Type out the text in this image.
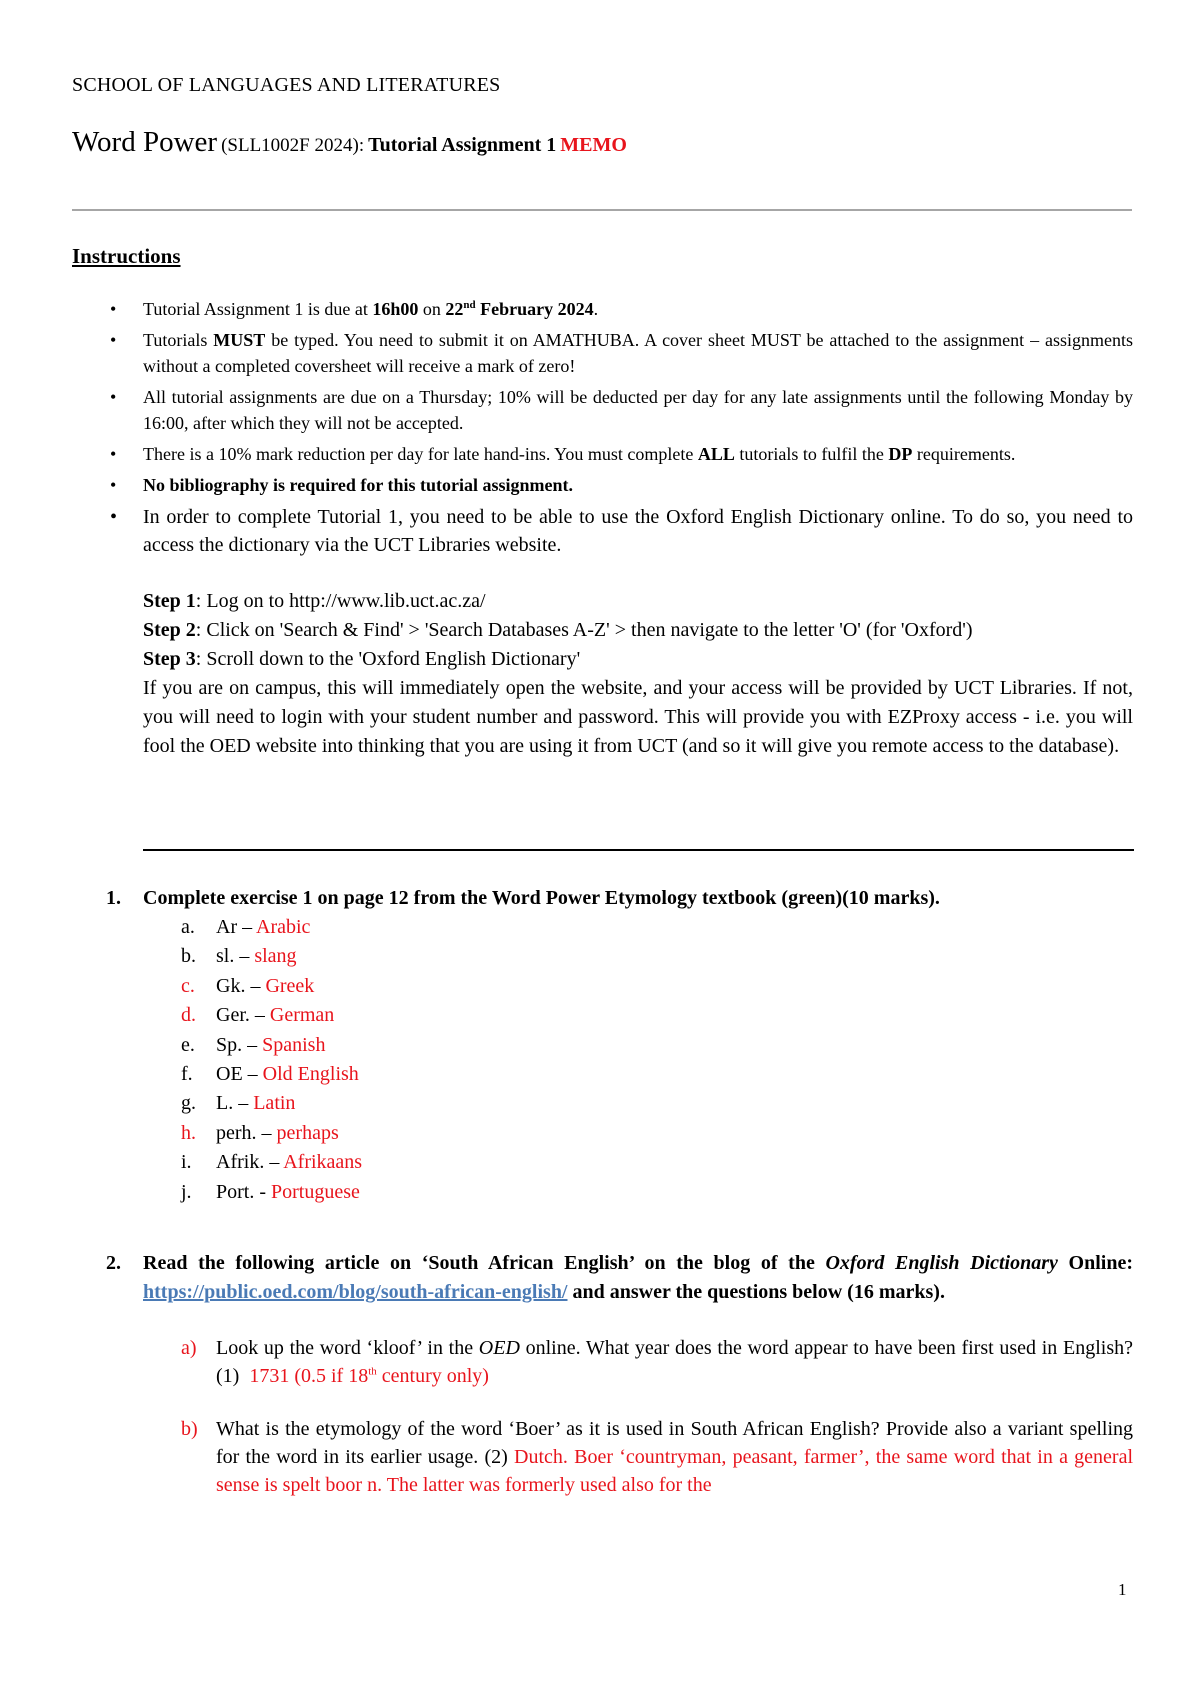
SCHOOL OF LANGUAGES AND LITERATURES
Word Power (SLL1002F 2024): Tutorial Assignment 1 MEMO
Instructions
• Tutorial Assignment 1 is due at 16h00 on 22nd February 2024.
• Tutorials MUST be typed. You need to submit it on AMATHUBA. A cover sheet MUST be attached to the assignment – assignments without a completed coversheet will receive a mark of zero!
• All tutorial assignments are due on a Thursday; 10% will be deducted per day for any late assignments until the following Monday by 16:00, after which they will not be accepted.
• There is a 10% mark reduction per day for late hand-ins. You must complete ALL tutorials to fulfil the DP requirements.
• No bibliography is required for this tutorial assignment.
• In order to complete Tutorial 1, you need to be able to use the Oxford English Dictionary online. To do so, you need to access the dictionary via the UCT Libraries website.
Step 1: Log on to http://www.lib.uct.ac.za/
Step 2: Click on 'Search & Find' > 'Search Databases A-Z' > then navigate to the letter 'O' (for 'Oxford')
Step 3: Scroll down to the 'Oxford English Dictionary'
If you are on campus, this will immediately open the website, and your access will be provided by UCT Libraries. If not, you will need to login with your student number and password. This will provide you with EZProxy access - i.e. you will fool the OED website into thinking that you are using it from UCT (and so it will give you remote access to the database).
1. Complete exercise 1 on page 12 from the Word Power Etymology textbook (green)(10 marks).
a. Ar – Arabic
b. sl. – slang
c. Gk. – Greek
d. Ger. – German
e. Sp. – Spanish
f. OE – Old English
g. L. – Latin
h. perh. – perhaps
i. Afrik. – Afrikaans
j. Port. - Portuguese
2. Read the following article on ‘South African English’ on the blog of the Oxford English Dictionary Online: https://public.oed.com/blog/south-african-english/ and answer the questions below (16 marks).
a) Look up the word ‘kloof’ in the OED online. What year does the word appear to have been first used in English? (1) 1731 (0.5 if 18th century only)
b) What is the etymology of the word ‘Boer’ as it is used in South African English? Provide also a variant spelling for the word in its earlier usage. (2) Dutch. Boer ‘countryman, peasant, farmer’, the same word that in a general sense is spelt boor n. The latter was formerly used also for the
1
